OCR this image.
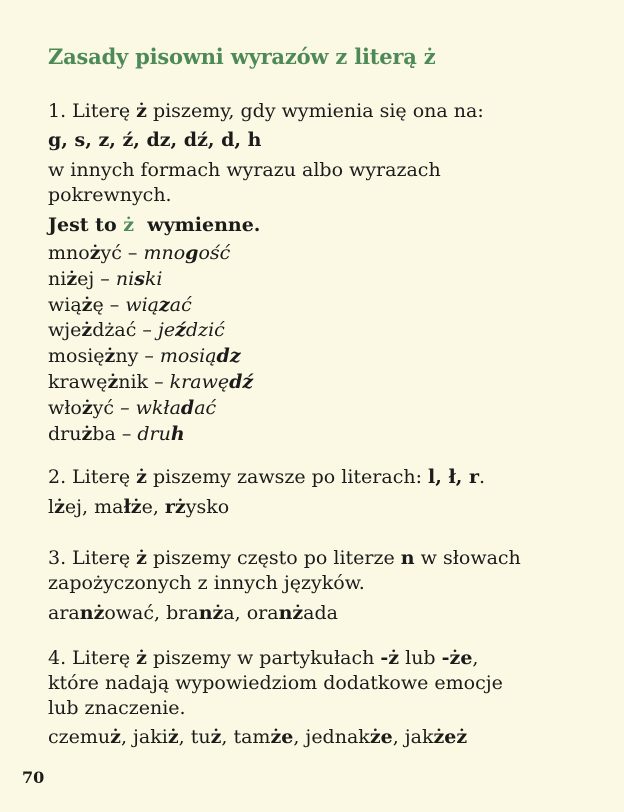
Zasady pisowni wyrazów z literą ż
1. Literę ż piszemy, gdy wymienia się ona na:
g, s, z, ź, dz, dź, d, h
w innych formach wyrazu albo wyrazach
pokrewnych.
Jest to ż wymienne.
mnożyć – mnogość
niżej – niski
wiążę – wiązać
wjeżdżać – jeździć
mosiężny – mosiądz
krawężnik – krawędź
włożyć – wkładać
drużba – druh
2. Literę ż piszemy zawsze po literach: l, ł, r.
lżej, małże, rżysko
3. Literę ż piszemy często po literze n w słowach
zapożyczonych z innych języków.
aranżować, branża, oranżada
4. Literę ż piszemy w partykułach -ż lub -że,
które nadają wypowiedziom dodatkowe emocje
lub znaczenie.
czemuż, jakiż, tuż, tamże, jednakże, jakżeż
70
